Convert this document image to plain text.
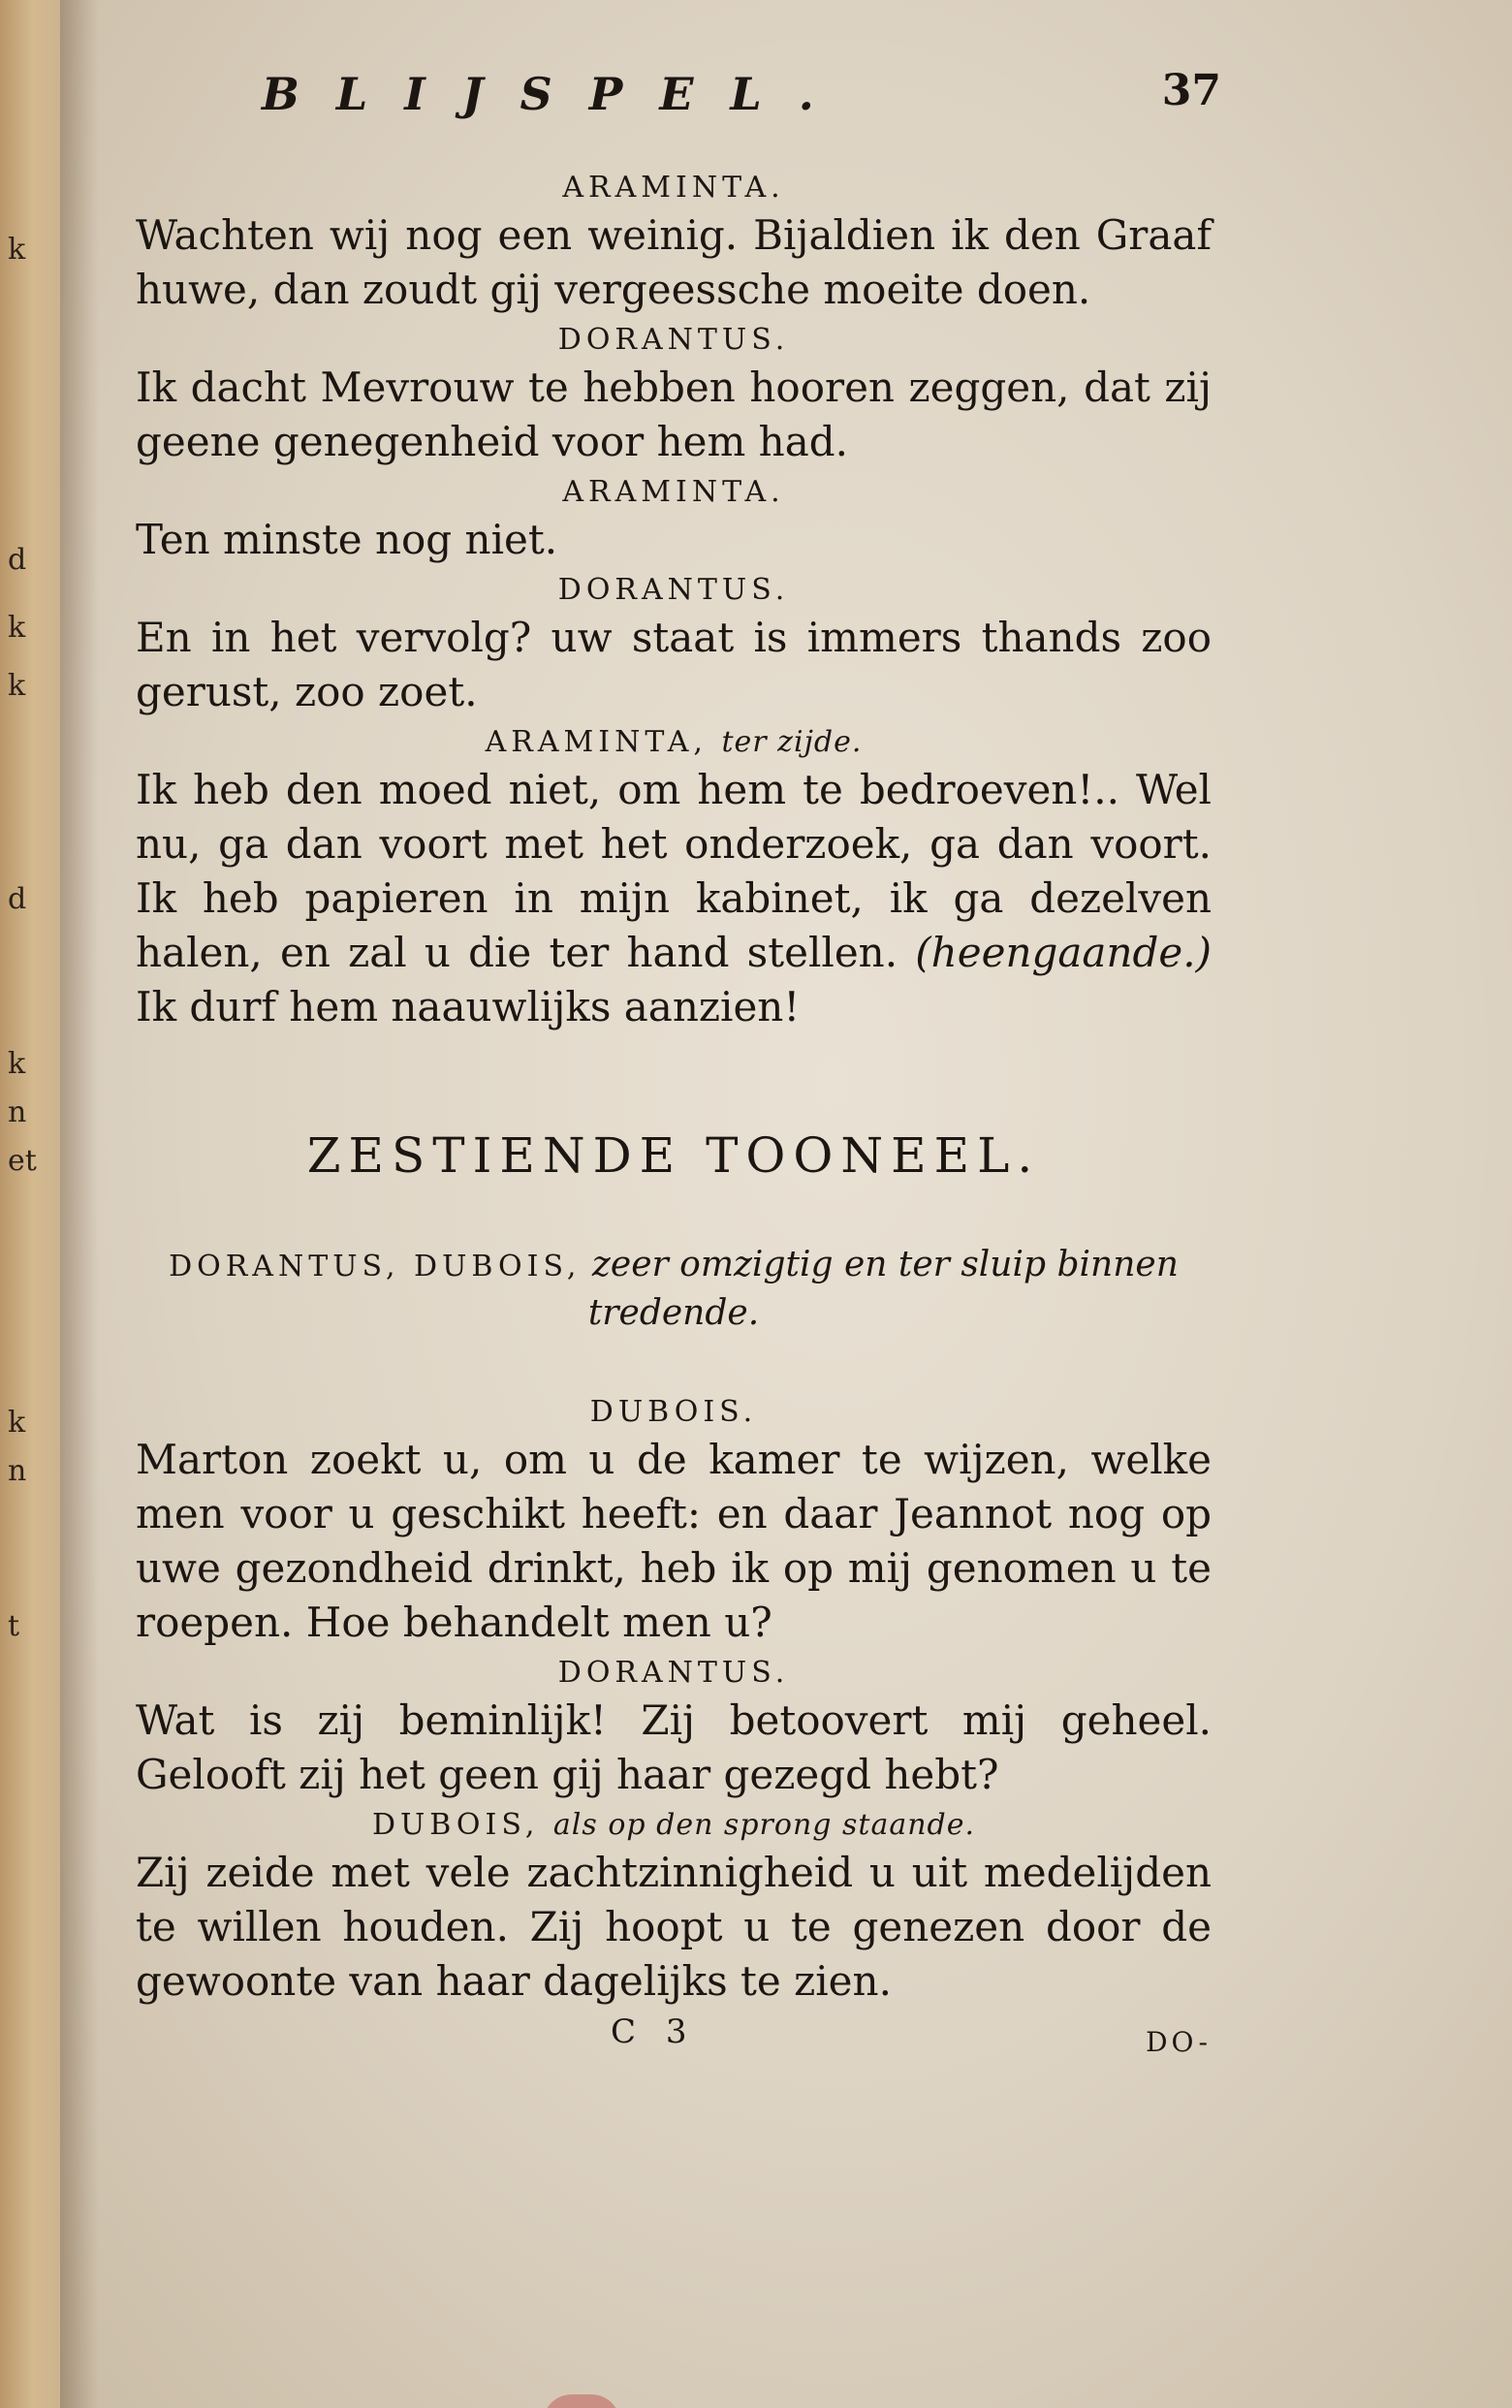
k
d
k
k
d
k
n
et
k
n
t
BLIJSPEL.	37
ARAMINTA.
Wachten wij nog een weinig. Bijaldien ik den Graaf huwe, dan zoudt gij vergeessche moeite doen.
DORANTUS.
Ik dacht Mevrouw te hebben hooren zeggen, dat zij geene genegenheid voor hem had.
ARAMINTA.
Ten minste nog niet.
DORANTUS.
En in het vervolg? uw staat is immers thands zoo gerust, zoo zoet.
ARAMINTA, ter zijde.
Ik heb den moed niet, om hem te bedroeven!.. Wel nu, ga dan voort met het onderzoek, ga dan voort. Ik heb papieren in mijn kabinet, ik ga dezelven halen, en zal u die ter hand stellen. (heengaande.) Ik durf hem naauwlijks aanzien!
ZESTIENDE TOONEEL.
DORANTUS, DUBOIS, zeer omzigtig en ter sluip binnen tredende.
DUBOIS.
Marton zoekt u, om u de kamer te wijzen, welke men voor u geschikt heeft: en daar Jeannot nog op uwe gezondheid drinkt, heb ik op mij genomen u te roepen. Hoe behandelt men u?
DORANTUS.
Wat is zij beminlijk! Zij betoovert mij geheel. Gelooft zij het geen gij haar gezegd hebt?
DUBOIS, als op den sprong staande.
Zij zeide met vele zachtzinnigheid u uit medelijden te willen houden. Zij hoopt u te genezen door de gewoonte van haar dagelijks te zien.
C 3	DO-
